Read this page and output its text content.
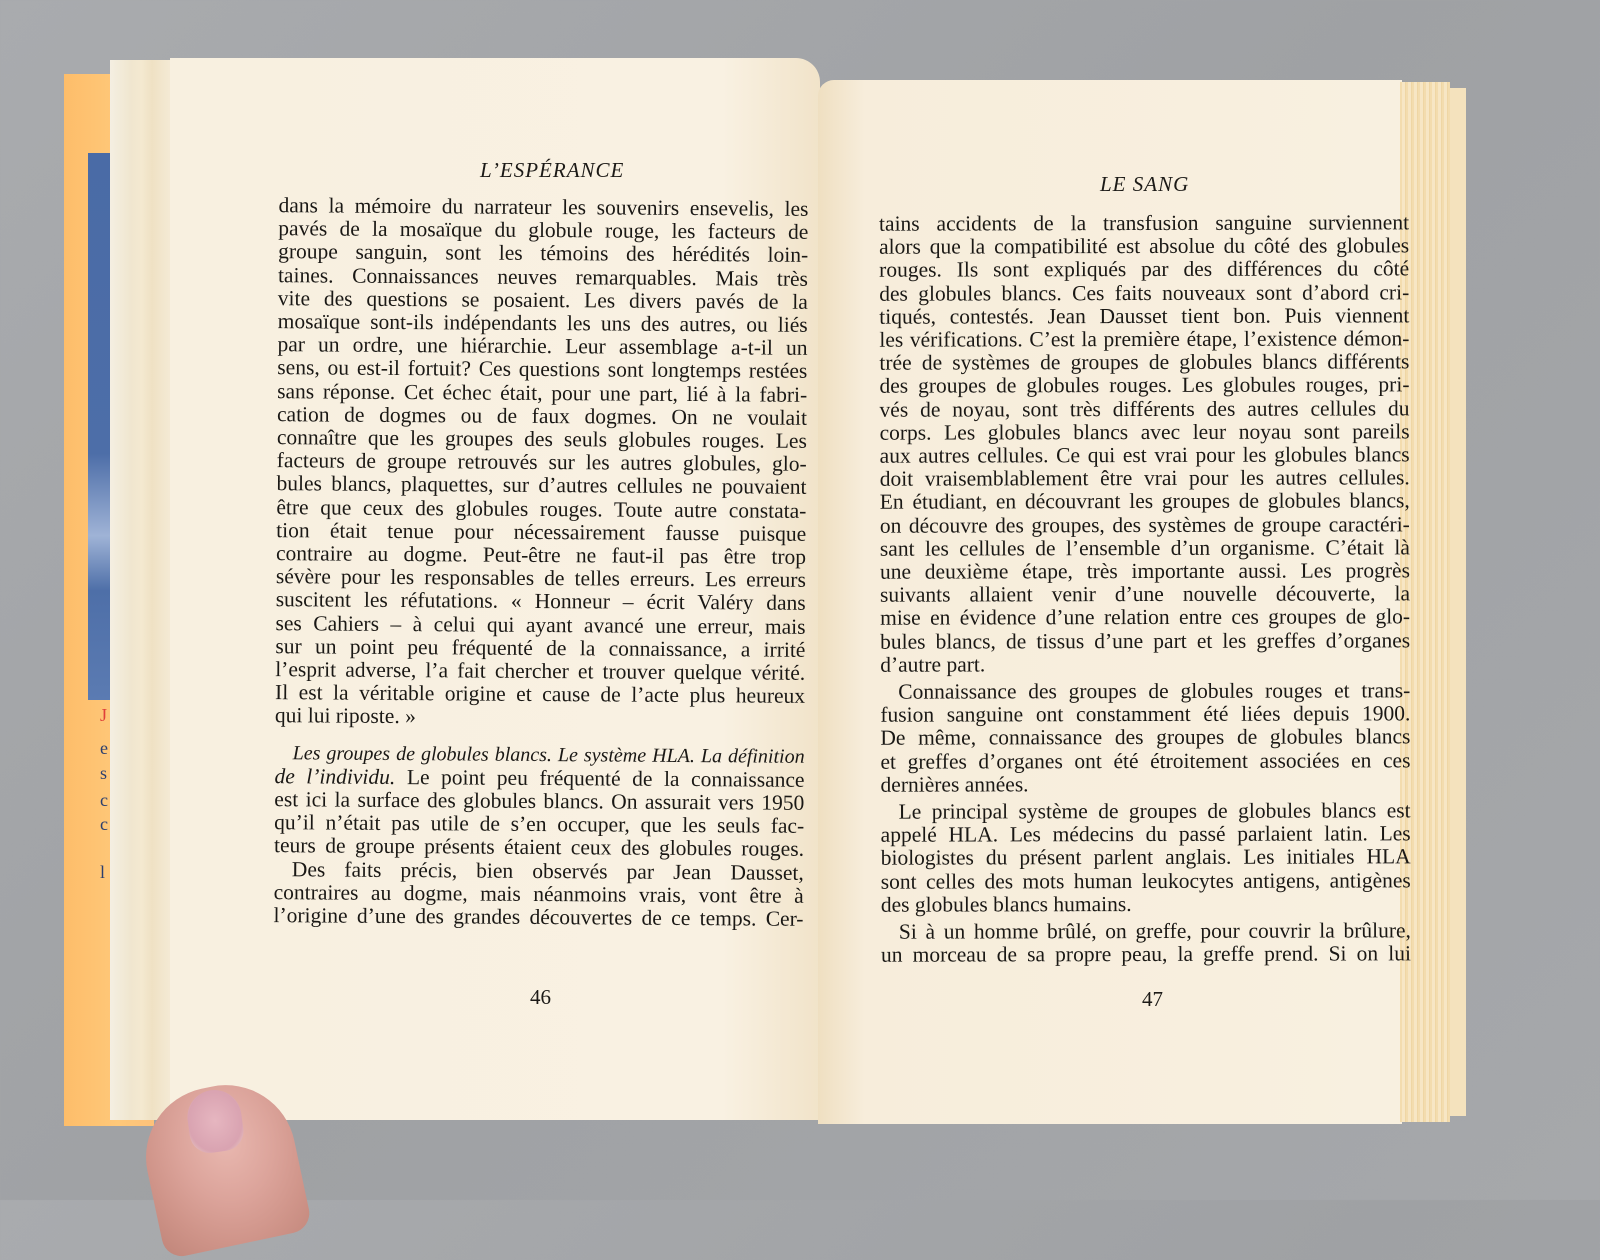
J
e
s
c
c
l
L’ESPÉRANCE
dans la mémoire du narrateur les souvenirs ensevelis, les
pavés de la mosaïque du globule rouge, les facteurs de
groupe sanguin, sont les témoins des hérédités loin-
taines. Connaissances neuves remarquables. Mais très
vite des questions se posaient. Les divers pavés de la
mosaïque sont-ils indépendants les uns des autres, ou liés
par un ordre, une hiérarchie. Leur assemblage a-t-il un
sens, ou est-il fortuit? Ces questions sont longtemps restées
sans réponse. Cet échec était, pour une part, lié à la fabri-
cation de dogmes ou de faux dogmes. On ne voulait
connaître que les groupes des seuls globules rouges. Les
facteurs de groupe retrouvés sur les autres globules, glo-
bules blancs, plaquettes, sur d’autres cellules ne pouvaient
être que ceux des globules rouges. Toute autre constata-
tion était tenue pour nécessairement fausse puisque
contraire au dogme. Peut-être ne faut-il pas être trop
sévère pour les responsables de telles erreurs. Les erreurs
suscitent les réfutations. « Honneur – écrit Valéry dans
ses Cahiers – à celui qui ayant avancé une erreur, mais
sur un point peu fréquenté de la connaissance, a irrité
l’esprit adverse, l’a fait chercher et trouver quelque vérité.
Il est la véritable origine et cause de l’acte plus heureux
qui lui riposte. »
Les groupes de globules blancs. Le système HLA. La définition
de l’individu. Le point peu fréquenté de la connaissance
est ici la surface des globules blancs. On assurait vers 1950
qu’il n’était pas utile de s’en occuper, que les seuls fac-
teurs de groupe présents étaient ceux des globules rouges.
Des faits précis, bien observés par Jean Dausset,
contraires au dogme, mais néanmoins vrais, vont être à
l’origine d’une des grandes découvertes de ce temps. Cer-
46
LE SANG
tains accidents de la transfusion sanguine surviennent
alors que la compatibilité est absolue du côté des globules
rouges. Ils sont expliqués par des différences du côté
des globules blancs. Ces faits nouveaux sont d’abord cri-
tiqués, contestés. Jean Dausset tient bon. Puis viennent
les vérifications. C’est la première étape, l’existence démon-
trée de systèmes de groupes de globules blancs différents
des groupes de globules rouges. Les globules rouges, pri-
vés de noyau, sont très différents des autres cellules du
corps. Les globules blancs avec leur noyau sont pareils
aux autres cellules. Ce qui est vrai pour les globules blancs
doit vraisemblablement être vrai pour les autres cellules.
En étudiant, en découvrant les groupes de globules blancs,
on découvre des groupes, des systèmes de groupe caractéri-
sant les cellules de l’ensemble d’un organisme. C’était là
une deuxième étape, très importante aussi. Les progrès
suivants allaient venir d’une nouvelle découverte, la
mise en évidence d’une relation entre ces groupes de glo-
bules blancs, de tissus d’une part et les greffes d’organes
d’autre part.
Connaissance des groupes de globules rouges et trans-
fusion sanguine ont constamment été liées depuis 1900.
De même, connaissance des groupes de globules blancs
et greffes d’organes ont été étroitement associées en ces
dernières années.
Le principal système de groupes de globules blancs est
appelé HLA. Les médecins du passé parlaient latin. Les
biologistes du présent parlent anglais. Les initiales HLA
sont celles des mots human leukocytes antigens, antigènes
des globules blancs humains.
Si à un homme brûlé, on greffe, pour couvrir la brûlure,
un morceau de sa propre peau, la greffe prend. Si on lui
47
